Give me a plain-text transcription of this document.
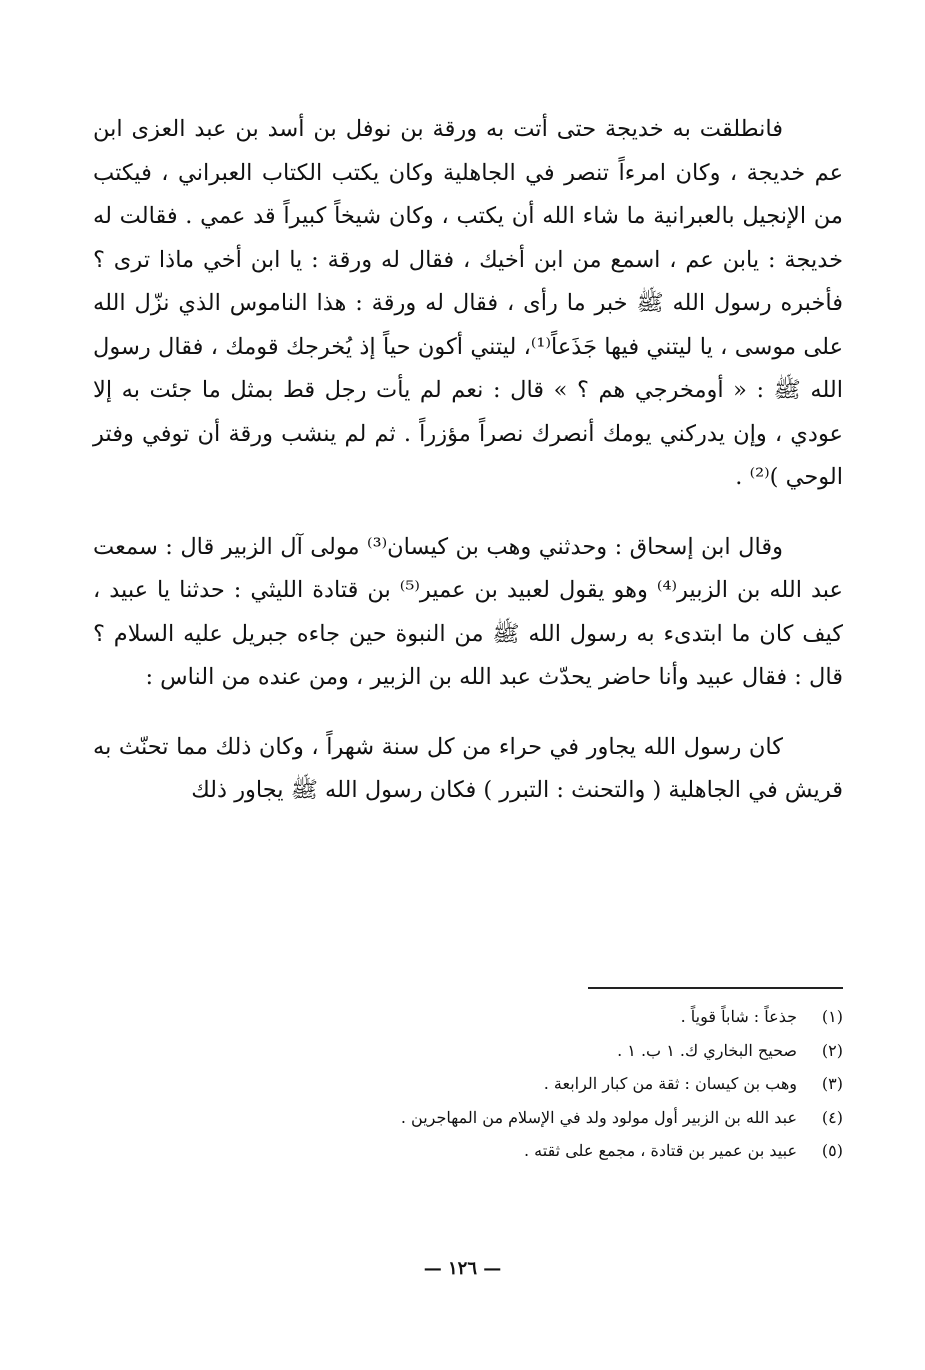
فانطلقت به خديجة حتى أتت به ورقة بن نوفل بن أسد بن عبد العزى ابن عم خديجة ، وكان امرءاً تنصر في الجاهلية وكان يكتب الكتاب العبراني ، فيكتب من الإنجيل بالعبرانية ما شاء الله أن يكتب ، وكان شيخاً كبيراً قد عمي . فقالت له خديجة : يابن عم ، اسمع من ابن أخيك ، فقال له ورقة : يا ابن أخي ماذا ترى ؟ فأخبره رسول الله ﷺ خبر ما رأى ، فقال له ورقة : هذا الناموس الذي نزّل الله على موسى ، يا ليتني فيها جَذَعاً⁽¹⁾، ليتني أكون حياً إذ يُخرجك قومك ، فقال رسول الله ﷺ : « أومخرجي هم ؟ » قال : نعم لم يأت رجل قط بمثل ما جئت به إلا عودي ، وإن يدركني يومك أنصرك نصراً مؤزراً . ثم لم ينشب ورقة أن توفي وفتر الوحي )⁽²⁾ .

وقال ابن إسحاق : وحدثني وهب بن كيسان⁽³⁾ مولى آل الزبير قال : سمعت عبد الله بن الزبير⁽⁴⁾ وهو يقول لعبيد بن عمير⁽⁵⁾ بن قتادة الليثي : حدثنا يا عبيد ، كيف كان ما ابتدىء به رسول الله ﷺ من النبوة حين جاءه جبريل عليه السلام ؟ قال : فقال عبيد وأنا حاضر يحدّث عبد الله بن الزبير ، ومن عنده من الناس :

كان رسول الله يجاور في حراء من كل سنة شهراً ، وكان ذلك مما تحنّث به قريش في الجاهلية ( والتحنث : التبرر ) فكان رسول الله ﷺ يجاور ذلك

(١)
جذعاً : شاباً قوياً .
(٢)
صحيح البخاري ك. ١ ب. ١ .
(٣)
وهب بن كيسان : ثقة من كبار الرابعة .
(٤)
عبد الله بن الزبير أول مولود ولد في الإسلام من المهاجرين .
(٥)
عبيد بن عمير بن قتادة ، مجمع على ثقته .
— ١٢٦ —
